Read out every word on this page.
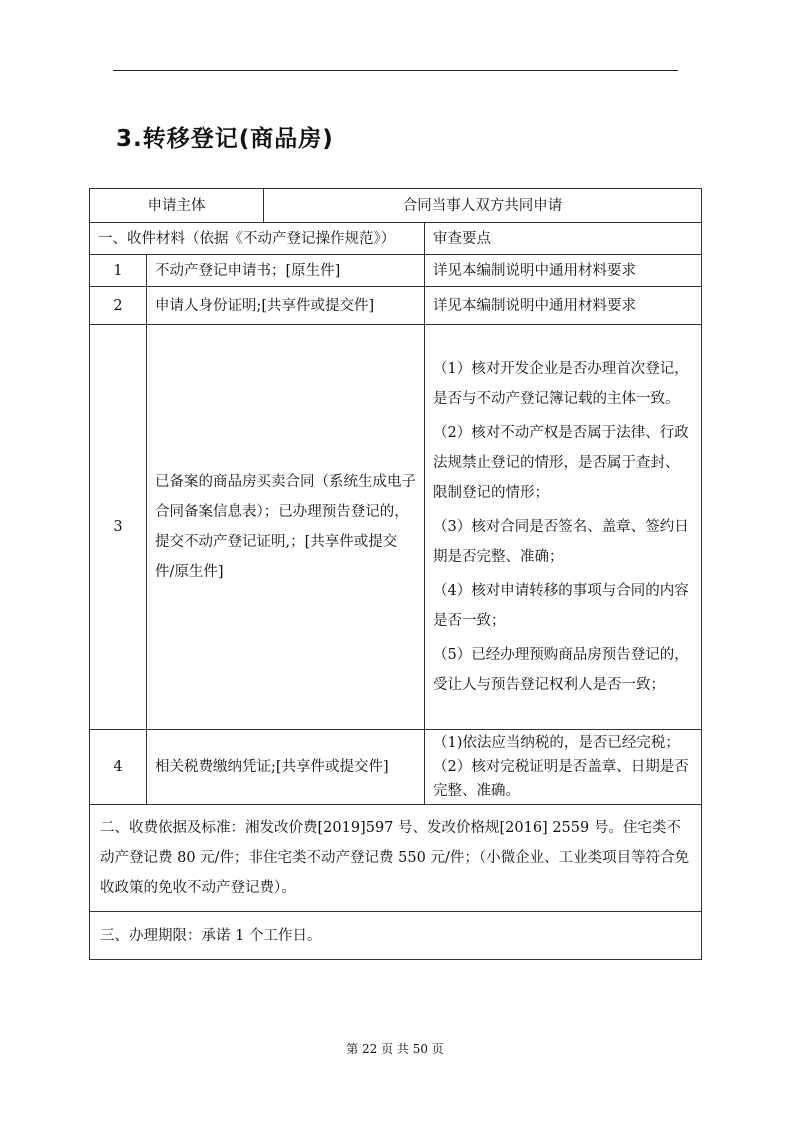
3.转移登记(商品房)
申请主体		合同当事人双方共同申请	
一、收件材料（依据《不动产登记操作规范》）			审查要点
1	不动产登记申请书；[原生件]		详见本编制说明中通用材料要求
2	申请人身份证明;[共享件或提交件]		详见本编制说明中通用材料要求
3	已备案的商品房买卖合同（系统生成电子合同备案信息表）；已办理预告登记的，提交不动产登记证明,；[共享件或提交件/原生件]		（1）核对开发企业是否办理首次登记，是否与不动产登记簿记载的主体一致。
（2）核对不动产权是否属于法律、行政法规禁止登记的情形，是否属于查封、限制登记的情形；
（3）核对合同是否签名、盖章、签约日期是否完整、准确；
（4）核对申请转移的事项与合同的内容是否一致；
（5）已经办理预购商品房预告登记的，受让人与预告登记权利人是否一致；

4	相关税费缴纳凭证;[共享件或提交件]		（1)依法应当纳税的，是否已经完税；
（2）核对完税证明是否盖章、日期是否完整、准确。

二、收费依据及标准：湘发改价费[2019]597 号、发改价格规[2016] 2559 号。住宅类不动产登记费 80 元/件；非住宅类不动产登记费 550 元/件；（小微企业、工业类项目等符合免收政策的免收不动产登记费）。			
三、办理期限：承诺 1 个工作日。			
第 22 页 共 50 页
